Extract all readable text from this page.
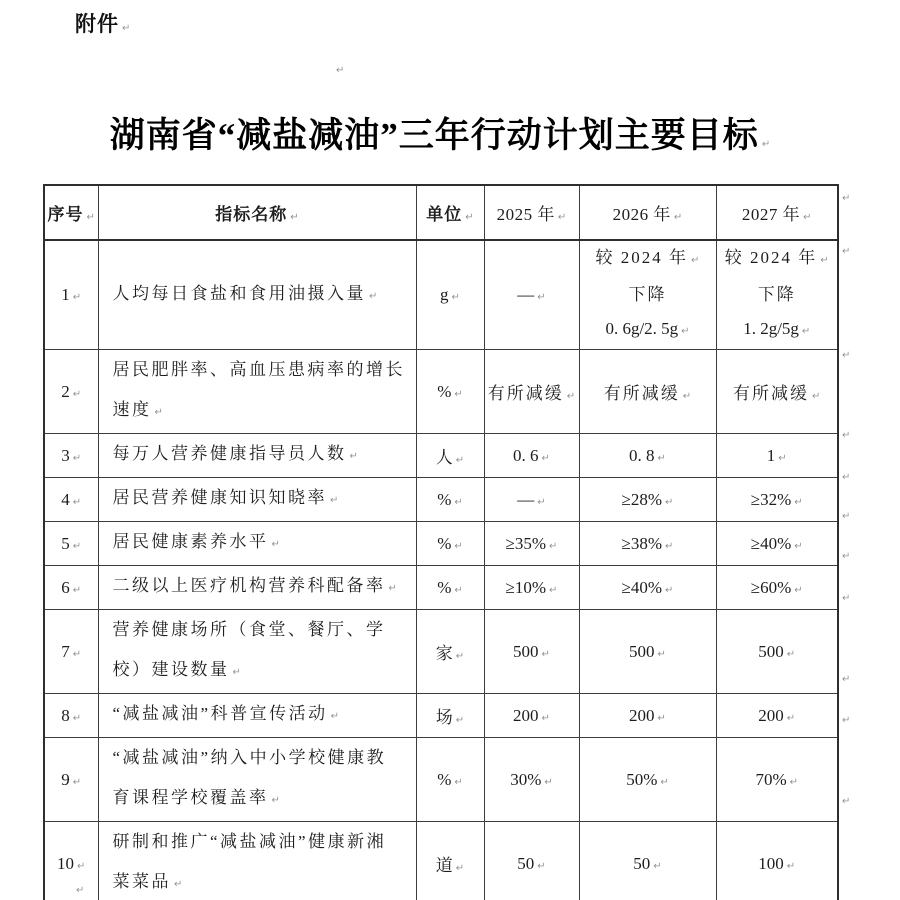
附件 ↵
↵
湖南省“减盐减油”三年行动计划主要目标 ↵
序号 ↵	指标名称 ↵	单位 ↵	2025 年 ↵	2026 年 ↵	2027 年 ↵
1 ↵	人均每日食盐和食用油摄入量 ↵	g ↵	— ↵	较 2024 年 ↵
下降
0. 6g/2. 5g ↵	较 2024 年 ↵
下降
1. 2g/5g ↵

2 ↵	居民肥胖率、高血压患病率的增长速度 ↵	% ↵	有所减缓 ↵	有所减缓 ↵	有所减缓 ↵
3 ↵	每万人营养健康指导员人数 ↵	人 ↵	0. 6 ↵	0. 8 ↵	1 ↵
4 ↵	居民营养健康知识知晓率 ↵	% ↵	— ↵	≥28% ↵	≥32% ↵
5 ↵	居民健康素养水平 ↵	% ↵	≥35% ↵	≥38% ↵	≥40% ↵
6 ↵	二级以上医疗机构营养科配备率 ↵	% ↵	≥10% ↵	≥40% ↵	≥60% ↵
7 ↵	营养健康场所（食堂、餐厅、学校）建设数量 ↵	家 ↵	500 ↵	500 ↵	500 ↵
8 ↵	“减盐减油”科普宣传活动 ↵	场 ↵	200 ↵	200 ↵	200 ↵
9 ↵	“减盐减油”纳入中小学校健康教育课程学校覆盖率 ↵	% ↵	30% ↵	50% ↵	70% ↵
10 ↵	研制和推广“减盐减油”健康新湘菜菜品 ↵	道 ↵	50 ↵	50 ↵	100 ↵
↵
↵
↵
↵
↵
↵
↵
↵
↵
↵
↵
↵
